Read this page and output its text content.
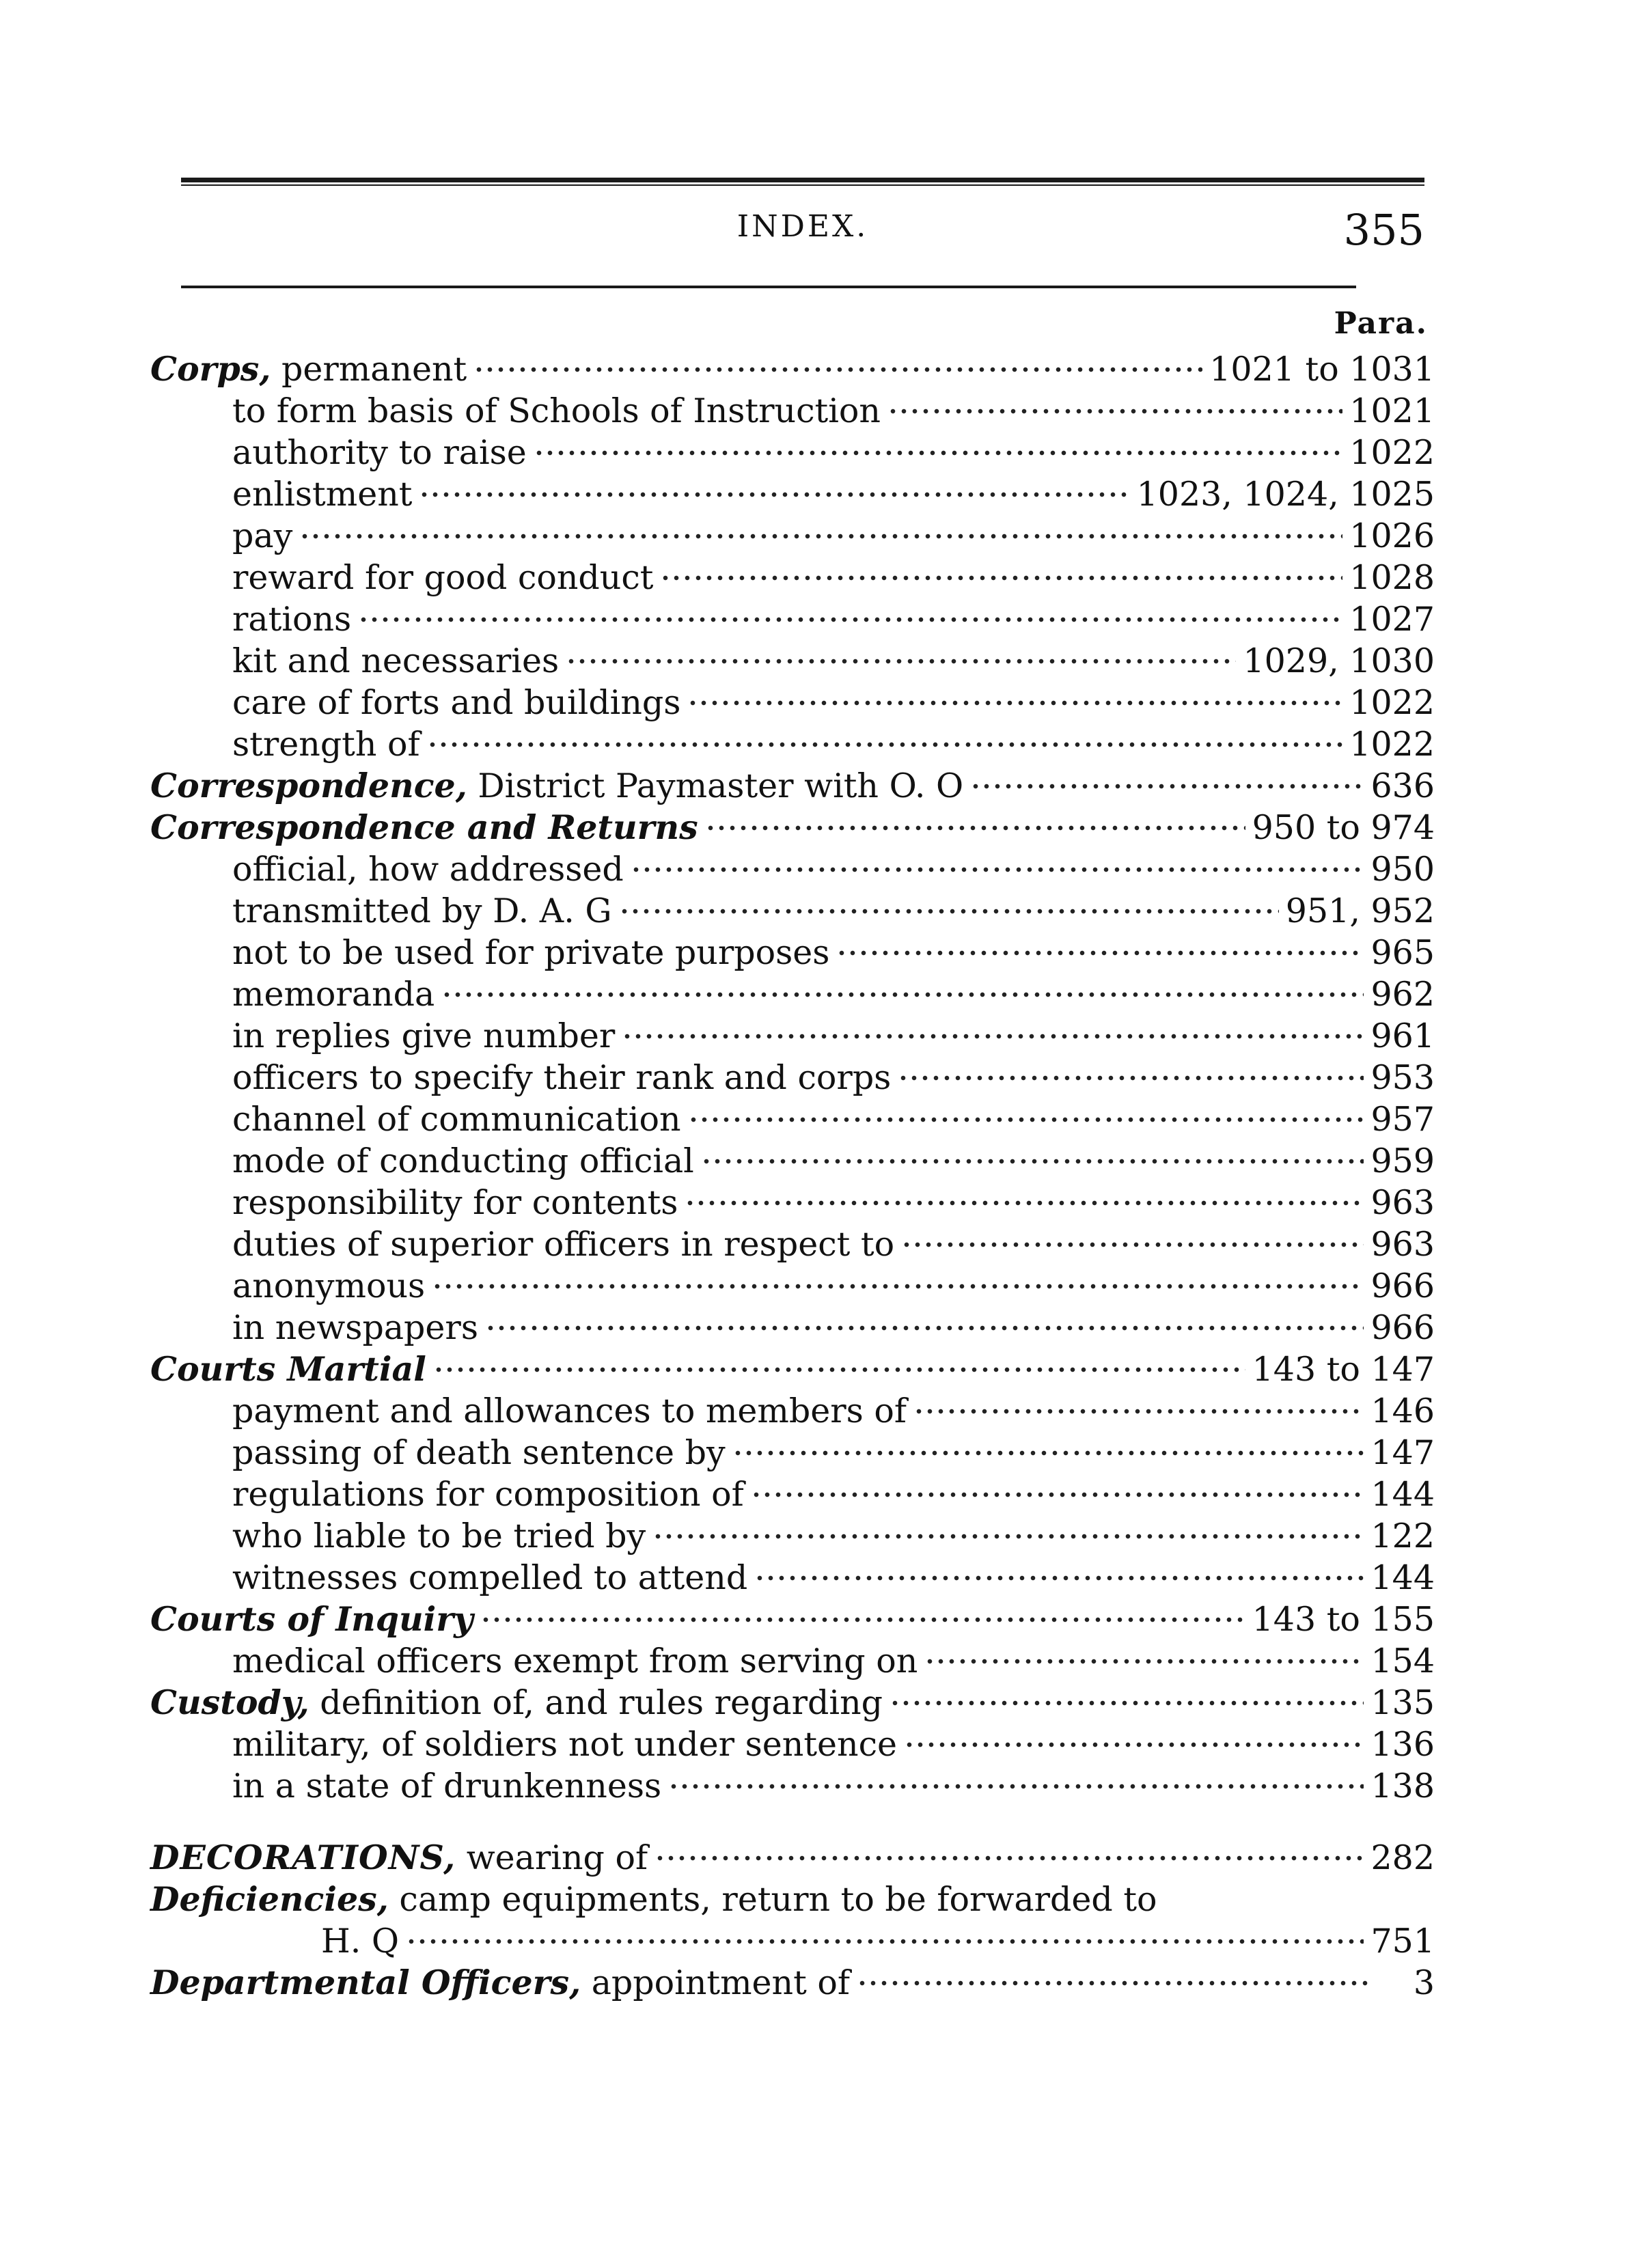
INDEX.	355
Para.
Corps, permanent	1021 to 1031
to form basis of Schools of Instruction	1021
authority to raise	1022
enlistment	1023, 1024, 1025
pay	1026
reward for good conduct	1028
rations	1027
kit and necessaries	1029, 1030
care of forts and buildings	1022
strength of	1022
Correspondence, District Paymaster with O. O	636
Correspondence and Returns	950 to 974
official, how addressed	950
transmitted by D. A. G	951, 952
not to be used for private purposes	965
memoranda	962
in replies give number	961
officers to specify their rank and corps	953
channel of communication	957
mode of conducting official	959
responsibility for contents	963
duties of superior officers in respect to	963
anonymous	966
in newspapers	966
Courts Martial	143 to 147
payment and allowances to members of	146
passing of death sentence by	147
regulations for composition of	144
who liable to be tried by	122
witnesses compelled to attend	144
Courts of Inquiry	143 to 155
medical officers exempt from serving on	154
Custody, definition of, and rules regarding	135
military, of soldiers not under sentence	136
in a state of drunkenness	138
DECORATIONS, wearing of	282
Deficiencies, camp equipments, return to be forwarded to
H. Q	751
Departmental Officers, appointment of	3
